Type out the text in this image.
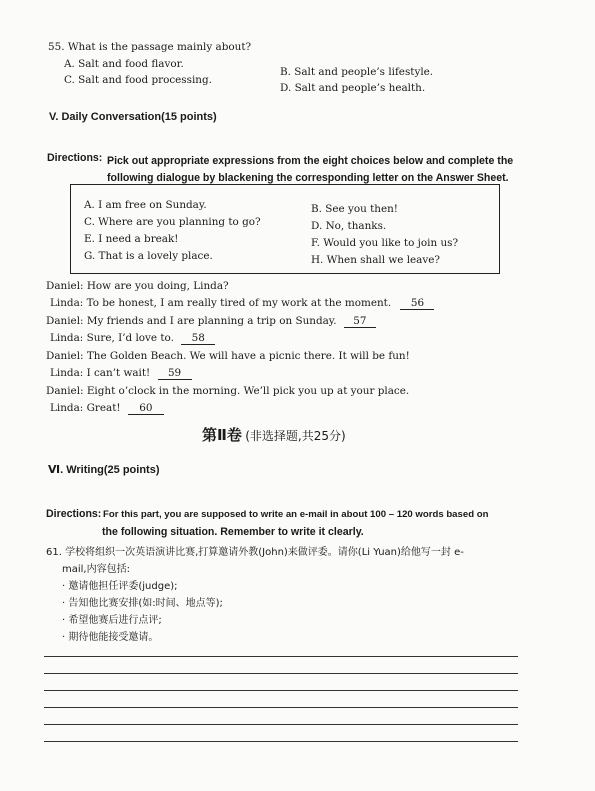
55. What is the passage mainly about?
A. Salt and food flavor.
C. Salt and food processing.
B. Salt and people’s lifestyle.
D. Salt and people’s health.
V. Daily Conversation(15 points)
Directions: Pick out appropriate expressions from the eight choices below and complete the
following dialogue by blackening the corresponding letter on the Answer Sheet.
A. I am free on Sunday.	B. See you then!
C. Where are you planning to go?	D. No, thanks.
E. I need a break!	F. Would you like to join us?
G. That is a lovely place.	H. When shall we leave?
Daniel: How are you doing, Linda?
Linda: To be honest, I am really tired of my work at the moment. 56
Daniel: My friends and I are planning a trip on Sunday. 57
Linda: Sure, I’d love to. 58
Daniel: The Golden Beach. We will have a picnic there. It will be fun!
Linda: I can’t wait! 59
Daniel: Eight o’clock in the morning. We’ll pick you up at your place.
Linda: Great! 60
第Ⅱ卷 (非选择题,共25分)
Ⅵ. Writing(25 points)
Directions: For this part, you are supposed to write an e-mail in about 100 – 120 words based on
the following situation. Remember to write it clearly.
61. 学校将组织一次英语演讲比赛,打算邀请外教(John)来做评委。请你(Li Yuan)给他写一封 e-
mail,内容包括:
· 邀请他担任评委(judge);
· 告知他比赛安排(如:时间、地点等);
· 希望他赛后进行点评;
· 期待他能接受邀请。
